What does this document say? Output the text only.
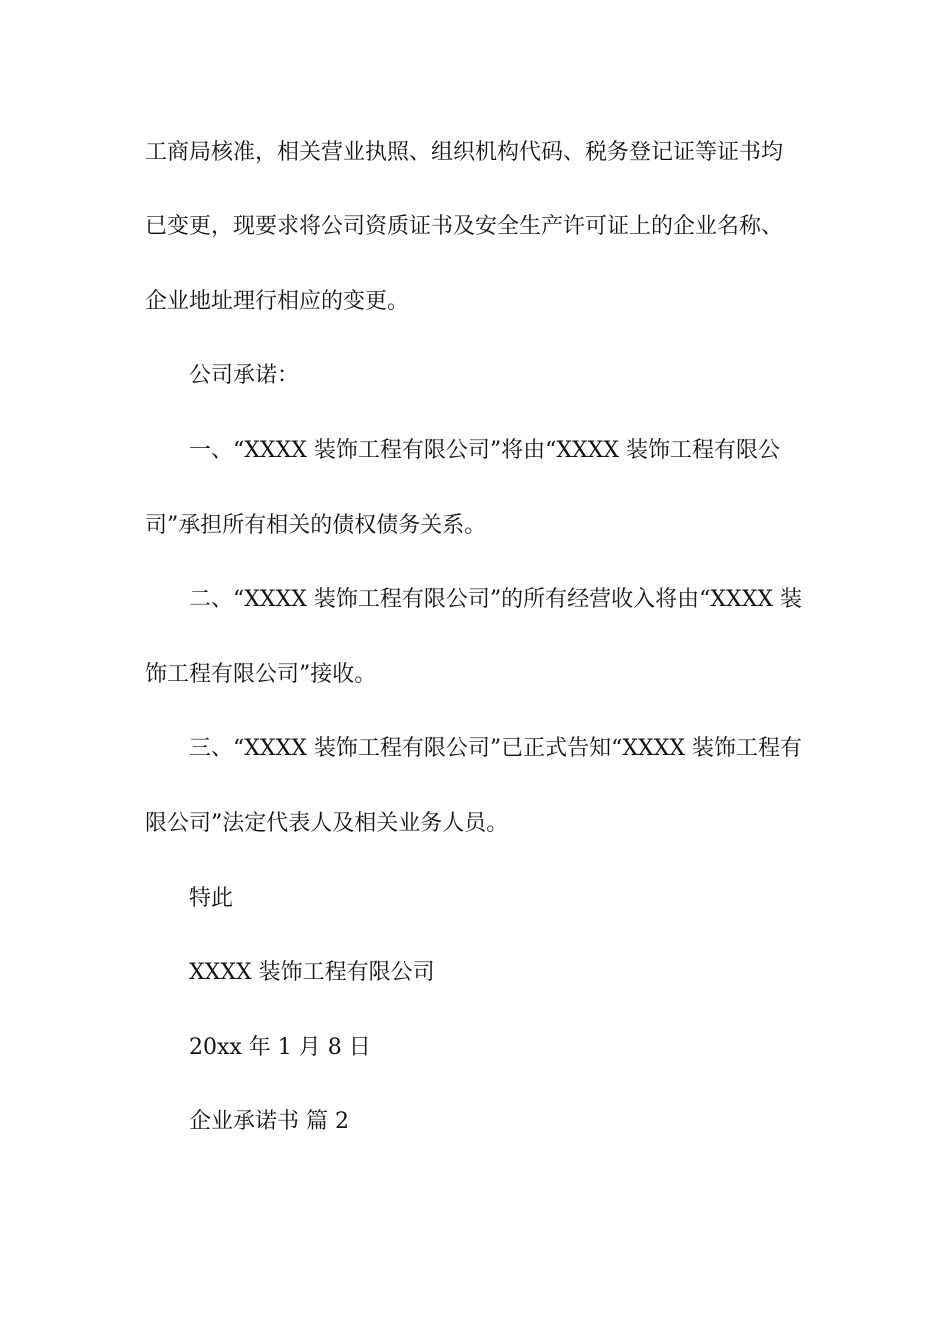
工商局核准，相关营业执照、组织机构代码、税务登记证等证书均
已变更，现要求将公司资质证书及安全生产许可证上的企业名称、
企业地址理行相应的变更。
公司承诺：
一、“XXXX 装饰工程有限公司”将由“XXXX 装饰工程有限公
司”承担所有相关的债权债务关系。
二、“XXXX 装饰工程有限公司”的所有经营收入将由“XXXX 装
饰工程有限公司”接收。
三、“XXXX 装饰工程有限公司”已正式告知“XXXX 装饰工程有
限公司”法定代表人及相关业务人员。
特此
XXXX 装饰工程有限公司
20xx 年 1 月 8 日
企业承诺书 篇 2
